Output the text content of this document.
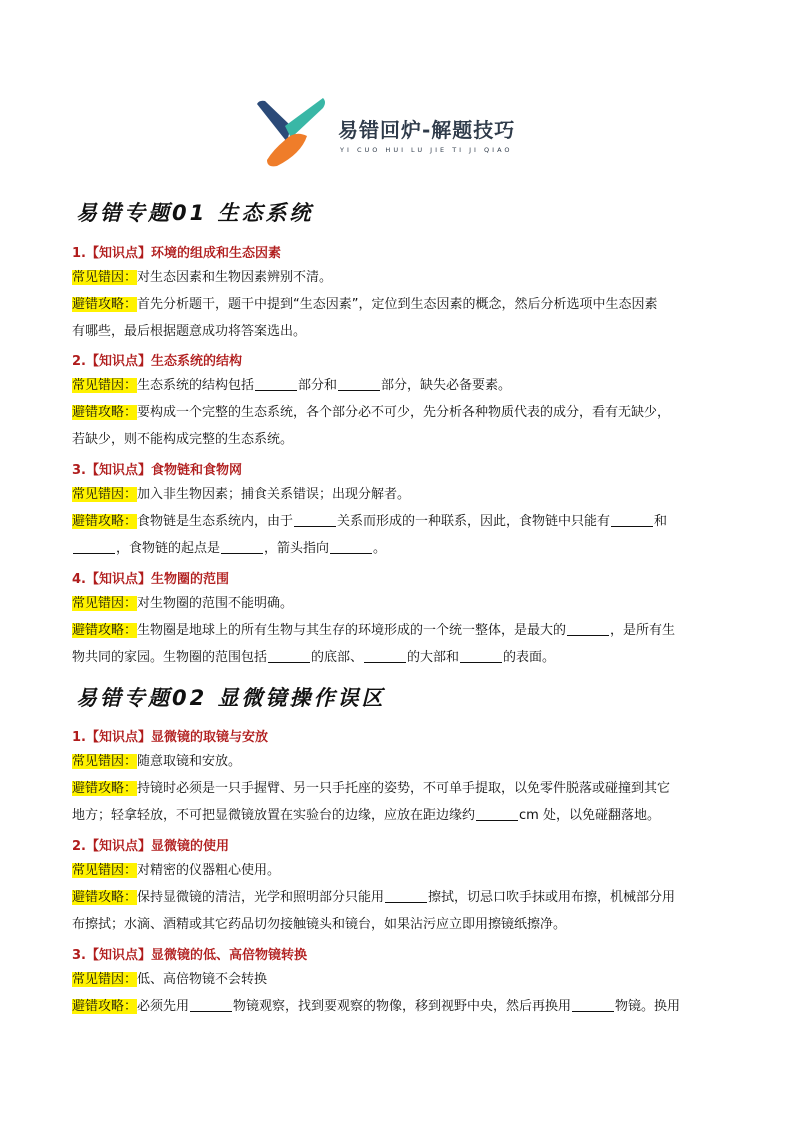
易错回炉-解题技巧
YI CUO HUI LU JIE TI JI QIAO
易错专题01 生态系统
1.【知识点】环境的组成和生态因素
常见错因：对生态因素和生物因素辨别不清。
避错攻略：首先分析题干，题干中提到“生态因素”，定位到生态因素的概念，然后分析选项中生态因素
有哪些，最后根据题意成功将答案选出。
2.【知识点】生态系统的结构
常见错因：生态系统的结构包括	部分和	部分，缺失必备要素。
避错攻略：要构成一个完整的生态系统，各个部分必不可少，先分析各种物质代表的成分，看有无缺少，
若缺少，则不能构成完整的生态系统。
3.【知识点】食物链和食物网
常见错因：加入非生物因素；捕食关系错误；出现分解者。
避错攻略：食物链是生态系统内，由于	关系而形成的一种联系，因此，食物链中只能有	和
，食物链的起点是	，箭头指向	。
4.【知识点】生物圈的范围
常见错因：对生物圈的范围不能明确。
避错攻略：生物圈是地球上的所有生物与其生存的环境形成的一个统一整体，是最大的	，是所有生
物共同的家园。生物圈的范围包括	的底部、	的大部和	的表面。
易错专题02 显微镜操作误区
1.【知识点】显微镜的取镜与安放
常见错因：随意取镜和安放。
避错攻略：持镜时必须是一只手握臂、另一只手托座的姿势，不可单手提取，以免零件脱落或碰撞到其它
地方；轻拿轻放，不可把显微镜放置在实验台的边缘，应放在距边缘约	cm 处，以免碰翻落地。
2.【知识点】显微镜的使用
常见错因：对精密的仪器粗心使用。
避错攻略：保持显微镜的清洁，光学和照明部分只能用	擦拭，切忌口吹手抹或用布擦，机械部分用
布擦拭；水滴、酒精或其它药品切勿接触镜头和镜台，如果沾污应立即用擦镜纸擦净。
3.【知识点】显微镜的低、高倍物镜转换
常见错因：低、高倍物镜不会转换
避错攻略：必须先用	物镜观察，找到要观察的物像，移到视野中央，然后再换用	物镜。换用
